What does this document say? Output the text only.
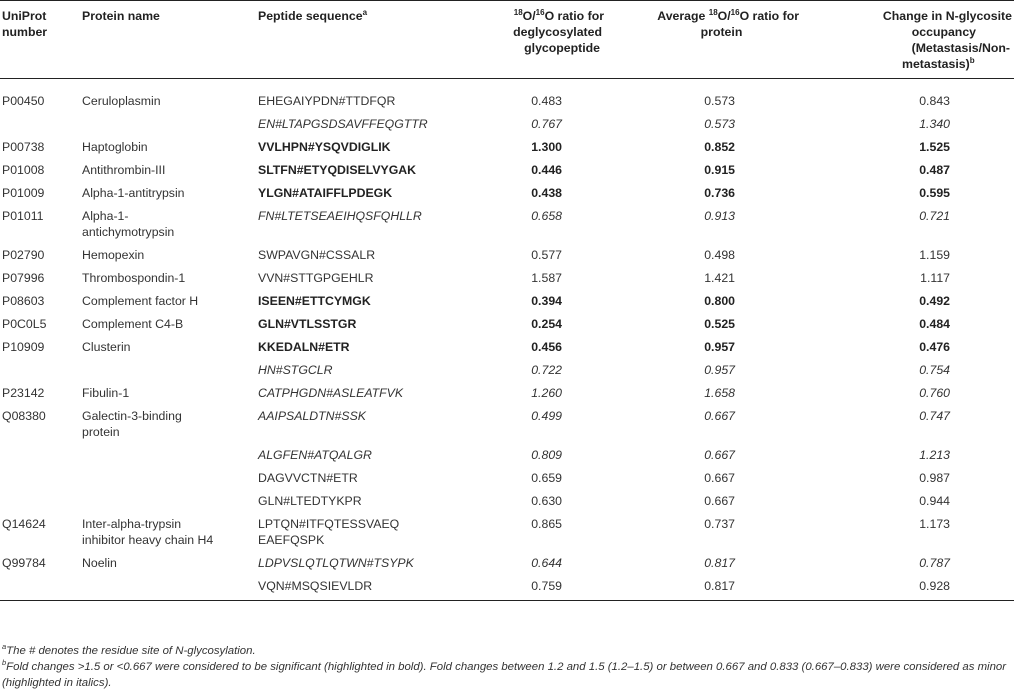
UniProt
number	Protein name	Peptide sequence$^a$	$^{18}$O/$^{16}$O ratio for
deglycosylated
glycopeptide	Average $^{18}$O/$^{16}$O ratio for
protein	Change in N-glycosite
occupancy
(Metastasis/Non-
metastasis)$^b$
P00450	Ceruloplasmin	EHEGAIYPDN#TTDFQR	0.483	0.573	0.843
		EN#LTAPGSDSAVFFEQGTTR	0.767	0.573	1.340
P00738	Haptoglobin	VVLHPN#YSQVDIGLIK	1.300	0.852	1.525
P01008	Antithrombin-III	SLTFN#ETYQDISELVYGAK	0.446	0.915	0.487
P01009	Alpha-1-antitrypsin	YLGN#ATAIFFLPDEGK	0.438	0.736	0.595
P01011	Alpha-1-
antichymotrypsin	FN#LTETSEAEIHQSFQHLLR	0.658	0.913	0.721
P02790	Hemopexin	SWPAVGN#CSSALR	0.577	0.498	1.159
P07996	Thrombospondin-1	VVN#STTGPGEHLR	1.587	1.421	1.117
P08603	Complement factor H	ISEEN#ETTCYMGK	0.394	0.800	0.492
P0C0L5	Complement C4-B	GLN#VTLSSTGR	0.254	0.525	0.484
P10909	Clusterin	KKEDALN#ETR	0.456	0.957	0.476
		HN#STGCLR	0.722	0.957	0.754
P23142	Fibulin-1	CATPHGDN#ASLEATFVK	1.260	1.658	0.760
Q08380	Galectin-3-binding
protein	AAIPSALDTN#SSK	0.499	0.667	0.747
		ALGFEN#ATQALGR	0.809	0.667	1.213
		DAGVVCTN#ETR	0.659	0.667	0.987
		GLN#LTEDTYKPR	0.630	0.667	0.944
Q14624	Inter-alpha-trypsin
inhibitor heavy chain H4	LPTQN#ITFQTESSVAEQ
EAEFQSPK	0.865	0.737	1.173
Q99784	Noelin	LDPVSLQTLQTWN#TSYPK	0.644	0.817	0.787
		VQN#MSQSIEVLDR	0.759	0.817	0.928

$^a$The # denotes the residue site of N-glycosylation.

$^b$Fold changes >1.5 or <0.667 were considered to be significant (highlighted in bold). Fold changes between 1.2 and 1.5 (1.2–1.5) or between 0.667 and 0.833 (0.667–0.833) were considered as minor (highlighted in italics).
